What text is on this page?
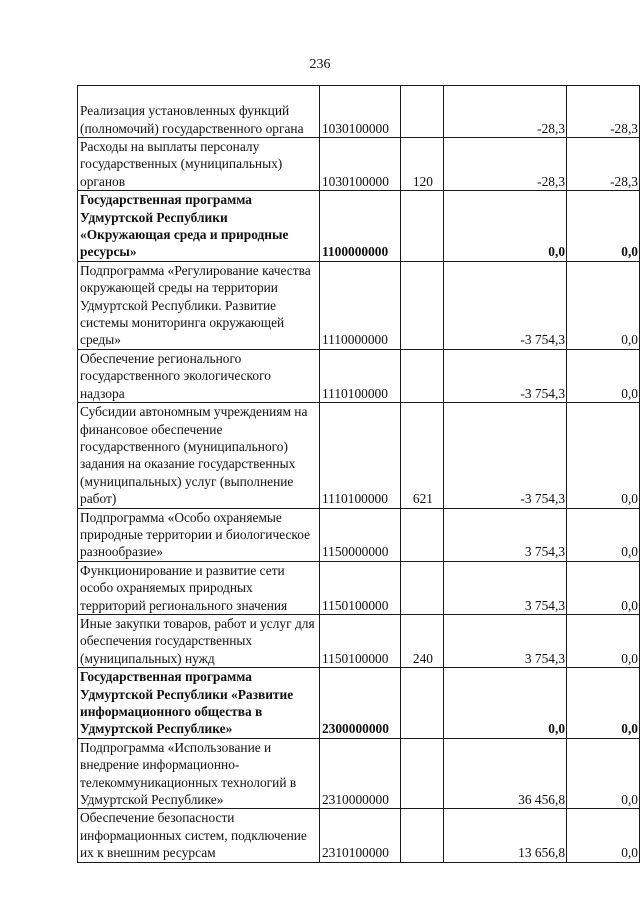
236
Реализация установленных функций (полномочий) государственного органа	1030100000		-28,3	-28,3
Расходы на выплаты персоналу государственных (муниципальных) органов	1030100000	120	-28,3	-28,3
Государственная программа Удмуртской Республики «Окружающая среда и природные ресурсы»	1100000000		0,0	0,0
Подпрограмма «Регулирование качества окружающей среды на территории Удмуртской Республики. Развитие системы мониторинга окружающей среды»	1110000000		-3 754,3	0,0
Обеспечение регионального государственного экологического надзора	1110100000		-3 754,3	0,0
Субсидии автономным учреждениям на финансовое обеспечение государственного (муниципального) задания на оказание государственных (муниципальных) услуг (выполнение работ)	1110100000	621	-3 754,3	0,0
Подпрограмма «Особо охраняемые природные территории и биологическое разнообразие»	1150000000		3 754,3	0,0
Функционирование и развитие сети особо охраняемых природных территорий регионального значения	1150100000		3 754,3	0,0
Иные закупки товаров, работ и услуг для обеспечения государственных (муниципальных) нужд	1150100000	240	3 754,3	0,0
Государственная программа Удмуртской Республики «Развитие информационного общества в Удмуртской Республике»	2300000000		0,0	0,0
Подпрограмма «Использование и внедрение информационно-телекоммуникационных технологий в Удмуртской Республике»	2310000000		36 456,8	0,0
Обеспечение безопасности информационных систем, подключение их к внешним ресурсам	2310100000		13 656,8	0,0
